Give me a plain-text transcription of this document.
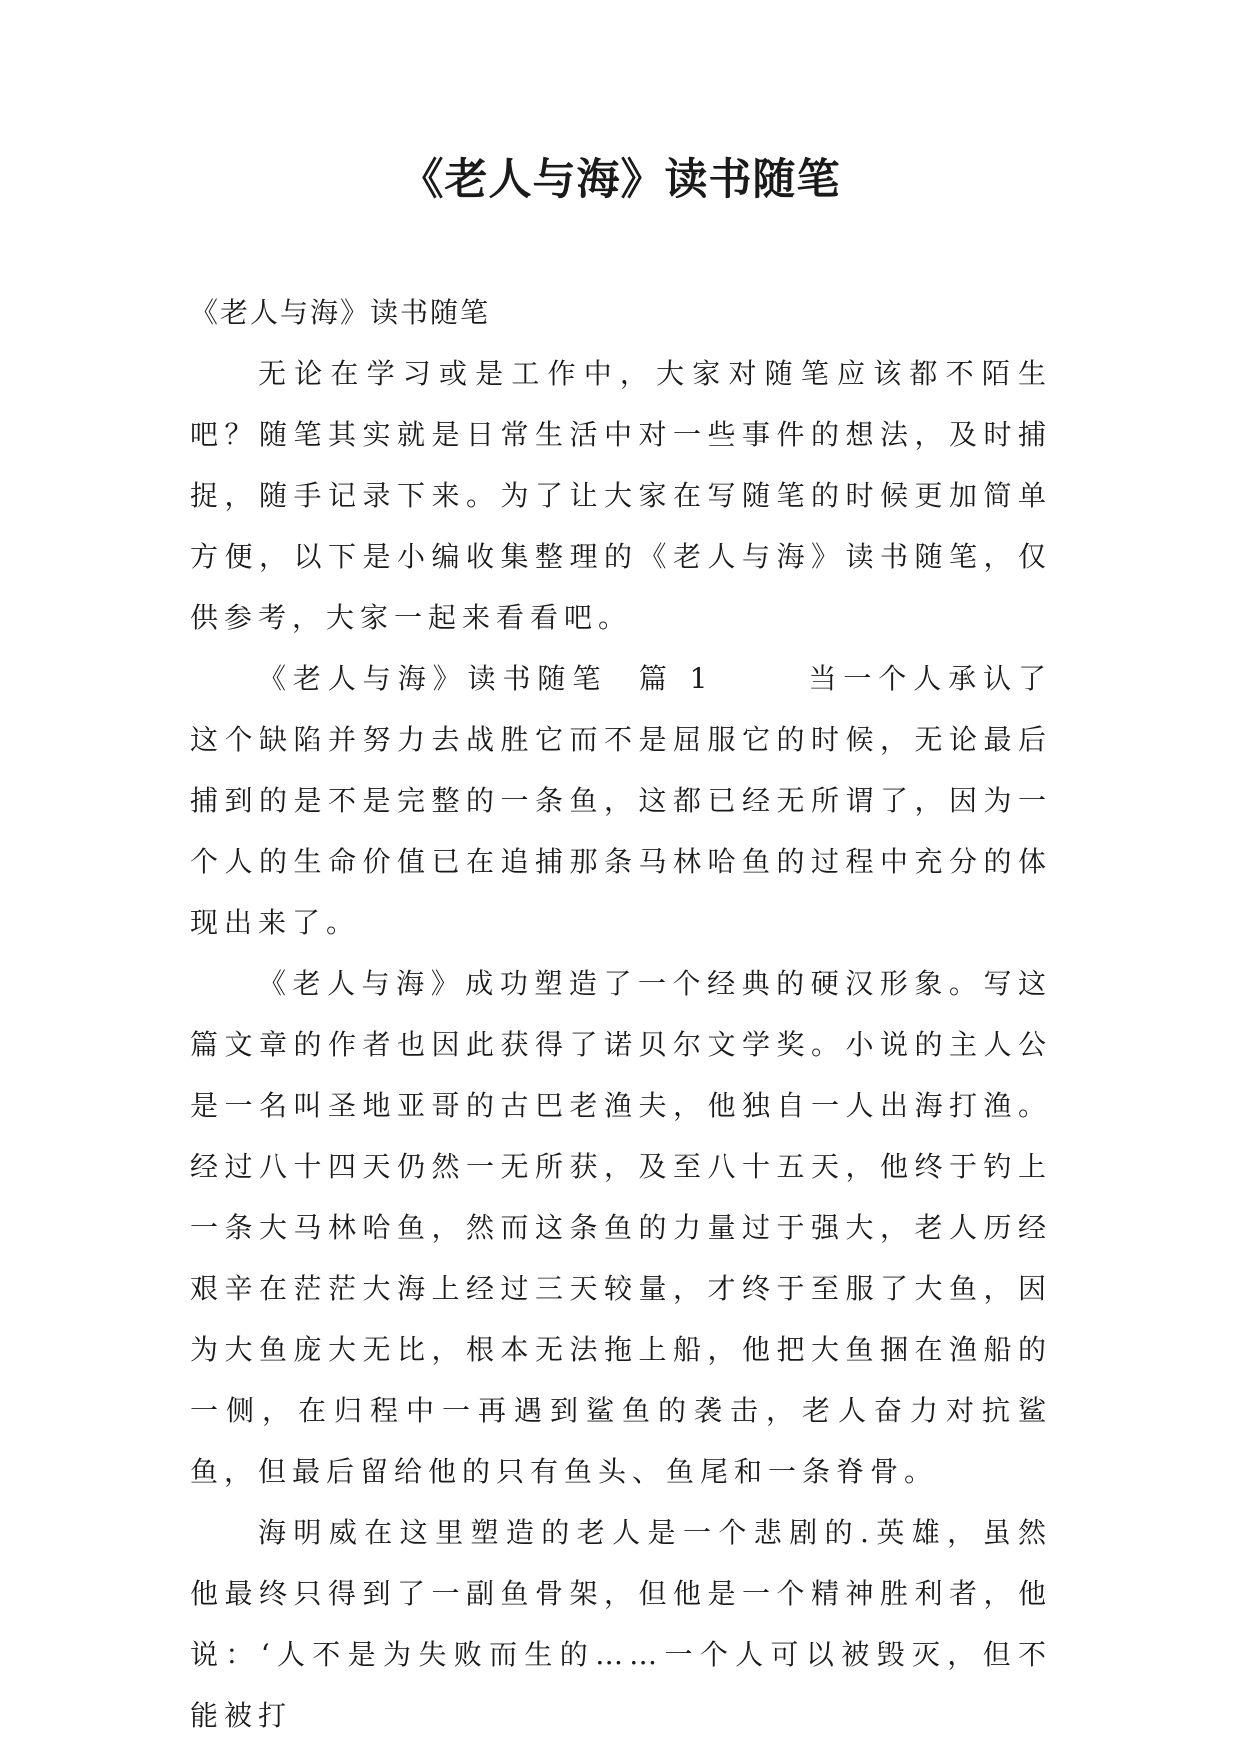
《老人与海》读书随笔

《老人与海》读书随笔

无论在学习或是工作中，大家对随笔应该都不陌生吧？随笔其实就是日常生活中对一些事件的想法，及时捕捉，随手记录下来。为了让大家在写随笔的时候更加简单方便，以下是小编收集整理的《老人与海》读书随笔，仅供参考，大家一起来看看吧。

《老人与海》读书随笔  篇 1      当一个人承认了这个缺陷并努力去战胜它而不是屈服它的时候，无论最后捕到的是不是完整的一条鱼，这都已经无所谓了，因为一个人的生命价值已在追捕那条马林哈鱼的过程中充分的体现出来了。

《老人与海》成功塑造了一个经典的硬汉形象。写这篇文章的作者也因此获得了诺贝尔文学奖。小说的主人公是一名叫圣地亚哥的古巴老渔夫，他独自一人出海打渔。经过八十四天仍然一无所获，及至八十五天，他终于钓上一条大马林哈鱼，然而这条鱼的力量过于强大，老人历经艰辛在茫茫大海上经过三天较量，才终于至服了大鱼，因为大鱼庞大无比，根本无法拖上船，他把大鱼捆在渔船的一侧，在归程中一再遇到鲨鱼的袭击，老人奋力对抗鲨鱼，但最后留给他的只有鱼头、鱼尾和一条脊骨。

海明威在这里塑造的老人是一个悲剧的.英雄，虽然他最终只得到了一副鱼骨架，但他是一个精神胜利者，他说：‘人不是为失败而生的……一个人可以被毁灭，但不能被打
